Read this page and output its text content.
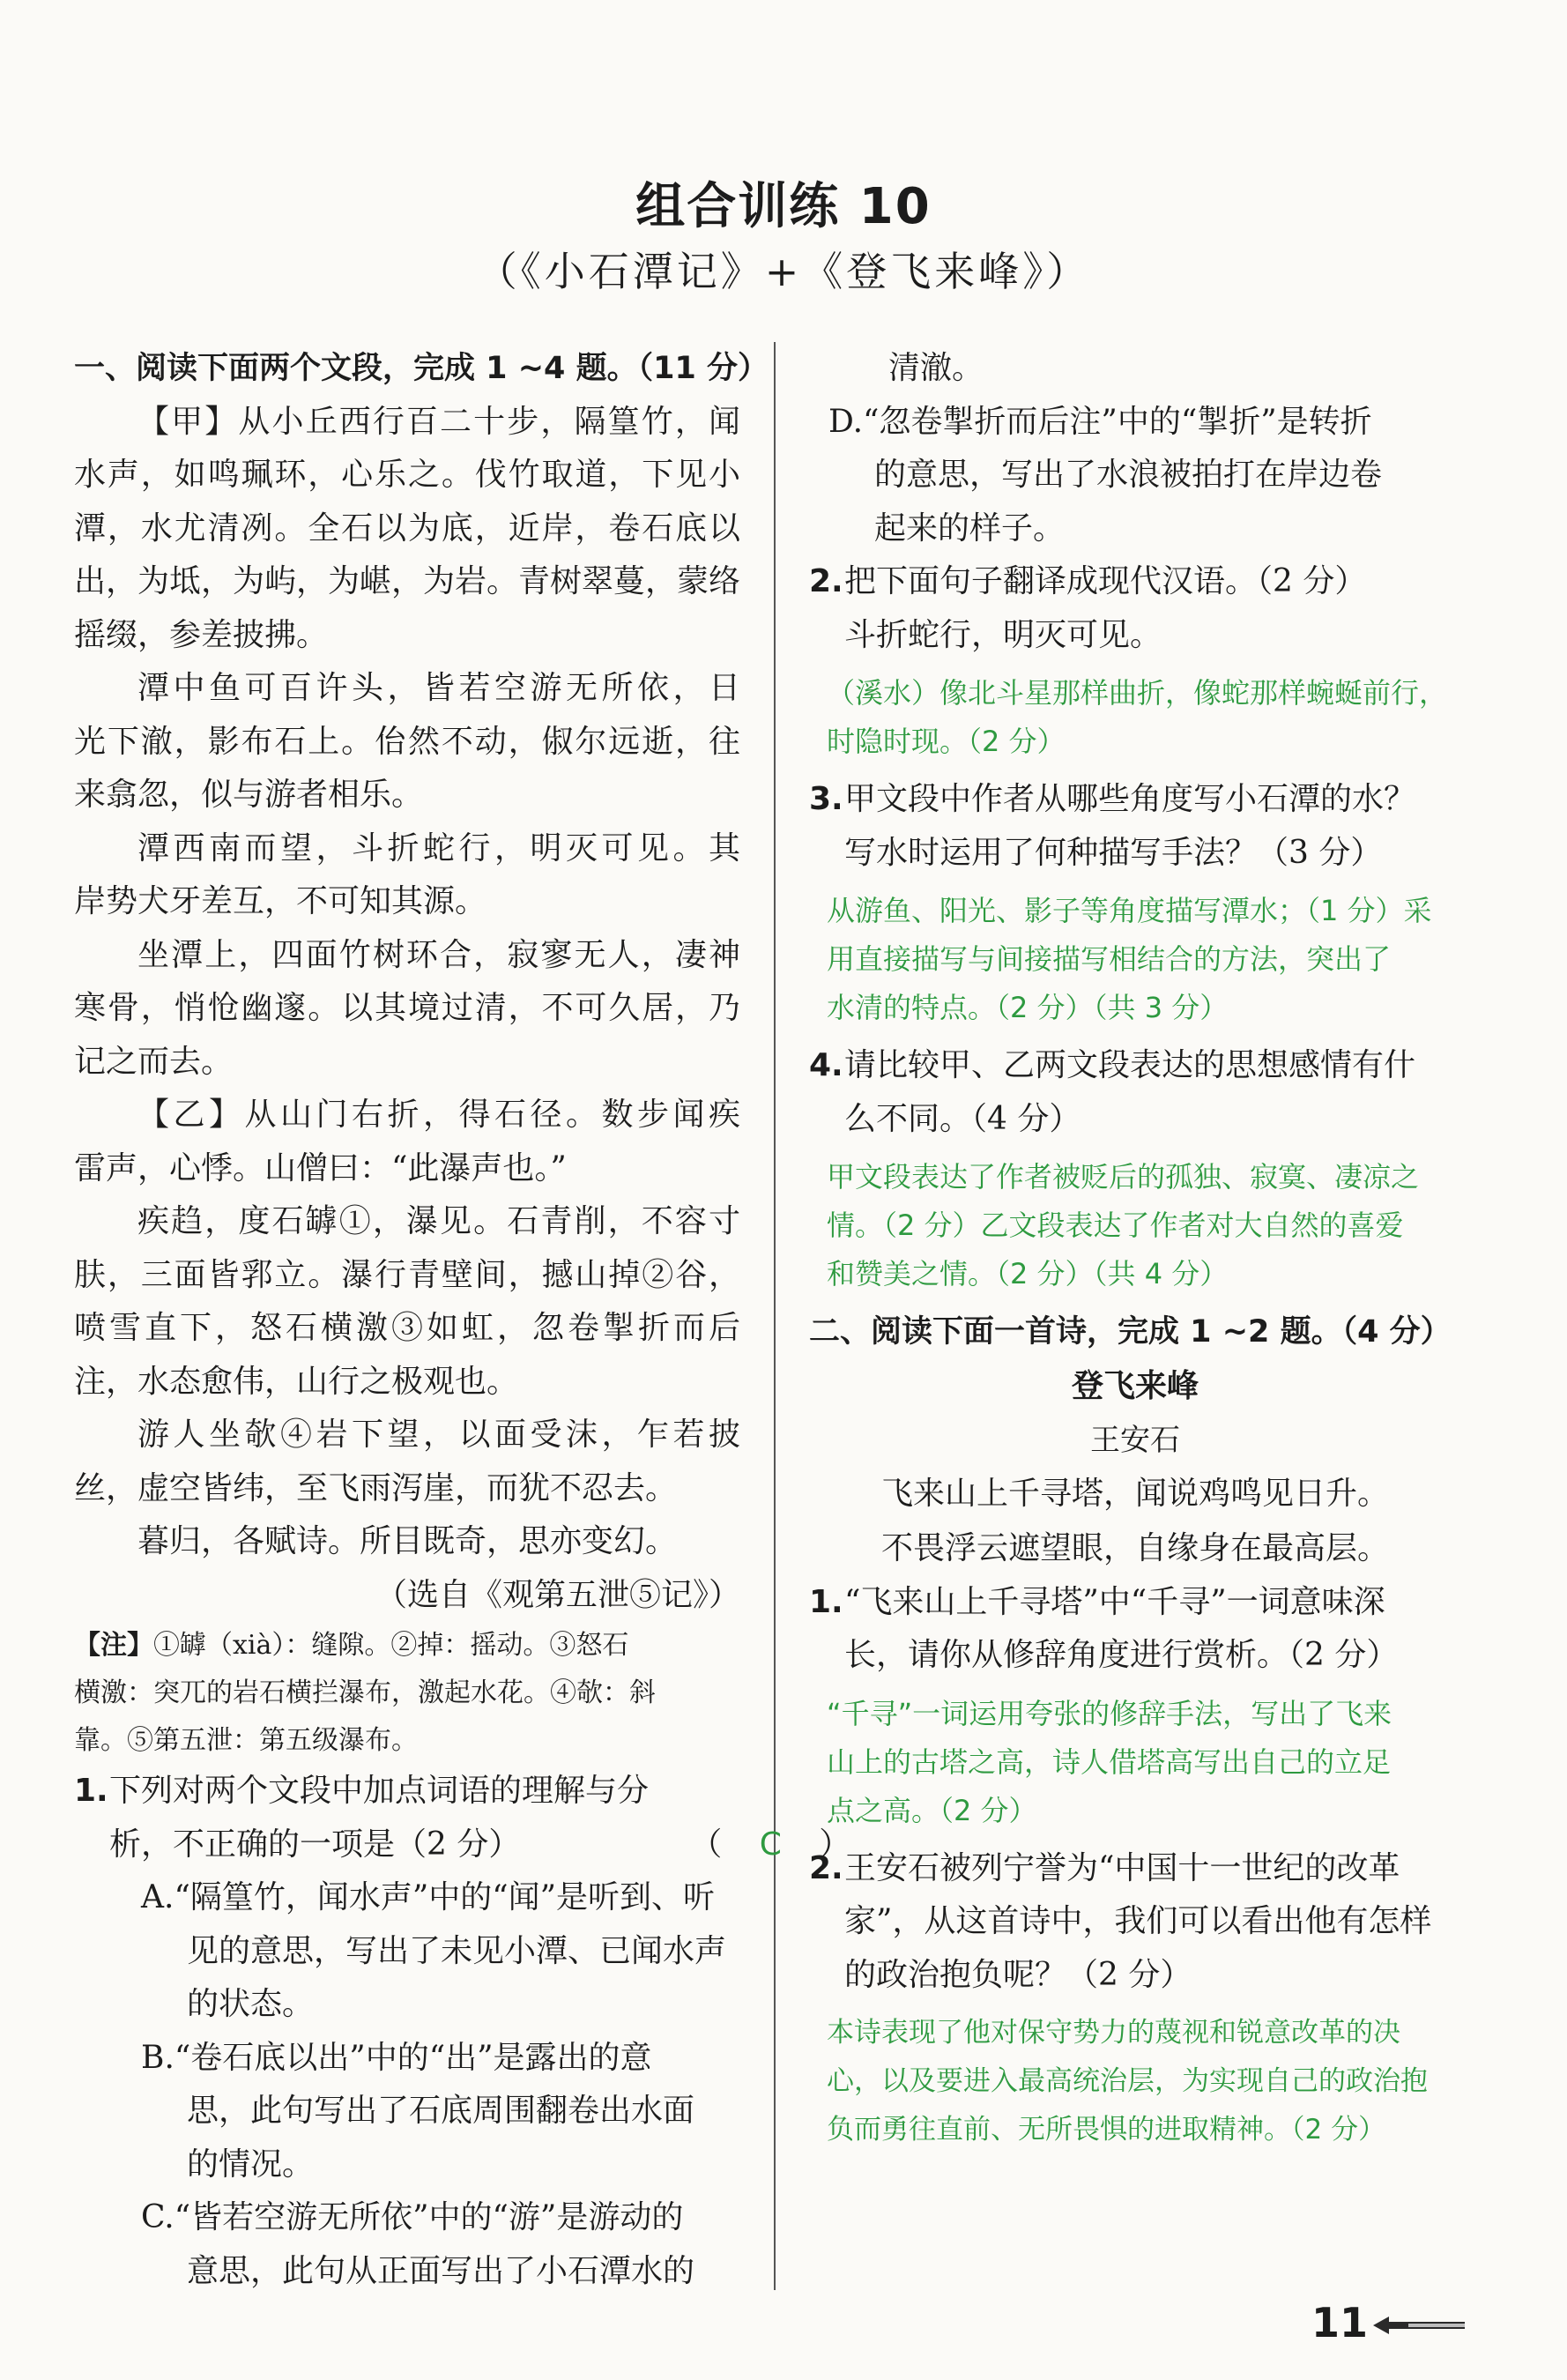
组合训练 10
（《小石潭记》+《登飞来峰》）
一、阅读下面两个文段，完成 1 ~4 题。（11 分）
【甲】从小丘西行百二十步，隔篁竹，闻
水声，如鸣珮环，心乐之。伐竹取道，下见小
潭，水尤清冽。全石以为底，近岸，卷石底以
出，为坻，为屿，为嵁，为岩。青树翠蔓，蒙络
摇缀，参差披拂。
潭中鱼可百许头，皆若空游无所依，日
光下澈，影布石上。佁然不动，俶尔远逝，往
来翕忽，似与游者相乐。
潭西南而望，斗折蛇行，明灭可见。其
岸势犬牙差互，不可知其源。
坐潭上，四面竹树环合，寂寥无人，凄神
寒骨，悄怆幽邃。以其境过清，不可久居，乃
记之而去。
【乙】从山门右折，得石径。数步闻疾
雷声，心悸。山僧曰：“此瀑声也。”
疾趋，度石罅①，瀑见。石青削，不容寸
肤，三面皆郛立。瀑行青壁间，撼山掉②谷，
喷雪直下，怒石横激③如虹，忽卷掣折而后
注，水态愈伟，山行之极观也。
游人坐欹④岩下望，以面受沫，乍若披
丝，虚空皆纬，至飞雨泻崖，而犹不忍去。
暮归，各赋诗。所目既奇，思亦变幻。
（选自《观第五泄⑤记》）
【注】①罅（xià）：缝隙。②掉：摇动。③怒石
横激：突兀的岩石横拦瀑布，激起水花。④欹：斜
靠。⑤第五泄：第五级瀑布。
1. 下列对两个文段中加点词语的理解与分
析，不正确的一项是（2 分）	（ C ）
A.“隔篁竹，闻水声”中的“闻”是听到、听
见的意思，写出了未见小潭、已闻水声
的状态。
B.“卷石底以出”中的“出”是露出的意
思，此句写出了石底周围翻卷出水面
的情况。
C.“皆若空游无所依”中的“游”是游动的
意思，此句从正面写出了小石潭水的
清澈。
D.“忽卷掣折而后注”中的“掣折”是转折
的意思，写出了水浪被拍打在岸边卷
起来的样子。
2. 把下面句子翻译成现代汉语。（2 分）
斗折蛇行，明灭可见。
（溪水）像北斗星那样曲折，像蛇那样蜿蜒前行，
时隐时现。（2 分）
3. 甲文段中作者从哪些角度写小石潭的水？
写水时运用了何种描写手法？（3 分）
从游鱼、阳光、影子等角度描写潭水；（1 分）采
用直接描写与间接描写相结合的方法，突出了
水清的特点。（2 分）（共 3 分）
4. 请比较甲、乙两文段表达的思想感情有什
么不同。（4 分）
甲文段表达了作者被贬后的孤独、寂寞、凄凉之
情。（2 分）乙文段表达了作者对大自然的喜爱
和赞美之情。（2 分）（共 4 分）
二、阅读下面一首诗，完成 1 ~2 题。（4 分）
登飞来峰
王安石
飞来山上千寻塔，闻说鸡鸣见日升。
不畏浮云遮望眼，自缘身在最高层。
1. “飞来山上千寻塔”中“千寻”一词意味深
长，请你从修辞角度进行赏析。（2 分）
“千寻”一词运用夸张的修辞手法，写出了飞来
山上的古塔之高，诗人借塔高写出自己的立足
点之高。（2 分）
2. 王安石被列宁誉为“中国十一世纪的改革
家”，从这首诗中，我们可以看出他有怎样
的政治抱负呢？（2 分）
本诗表现了他对保守势力的蔑视和锐意改革的决
心，以及要进入最高统治层，为实现自己的政治抱
负而勇往直前、无所畏惧的进取精神。（2 分）
11
